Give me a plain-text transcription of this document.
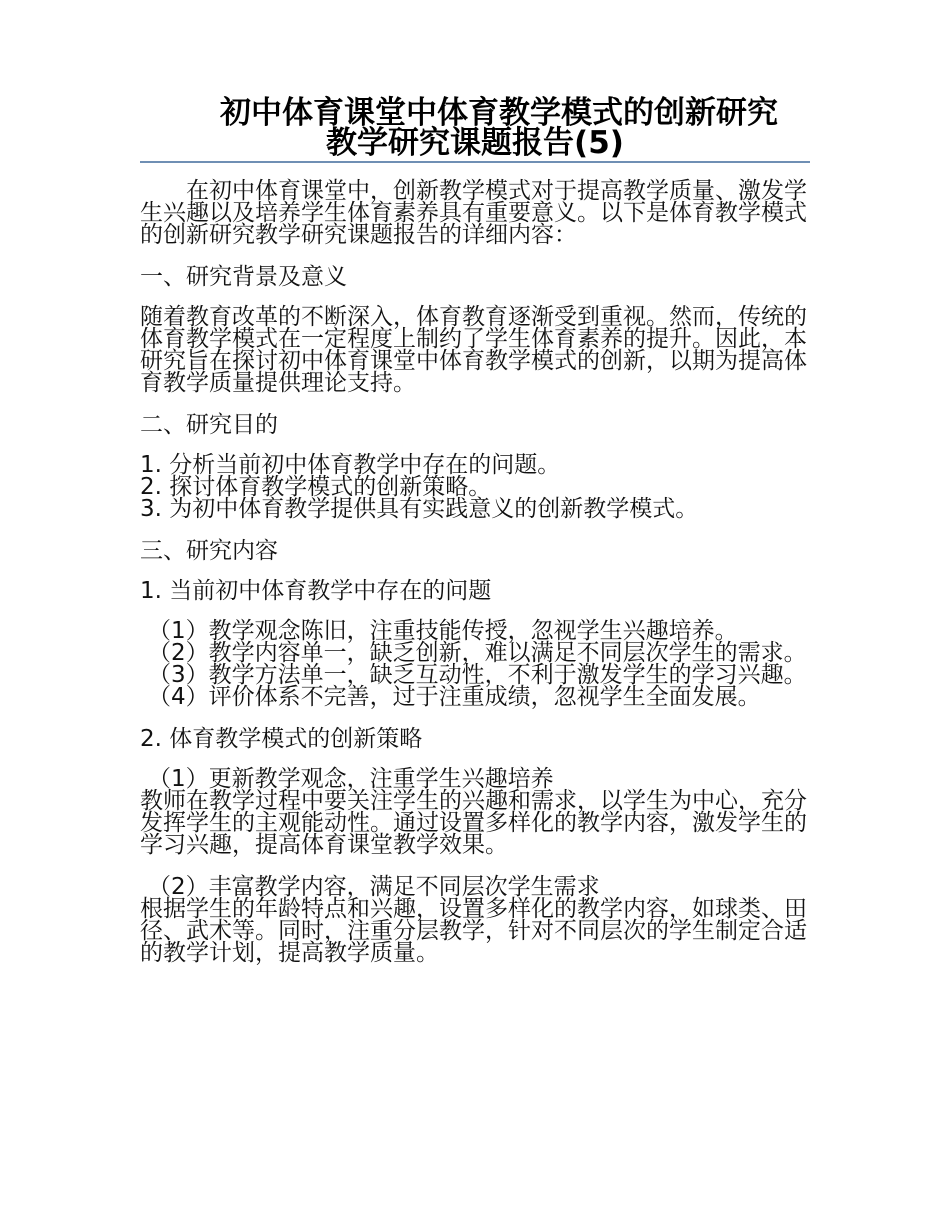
初中体育课堂中体育教学模式的创新研究
教学研究课题报告(5)

在初中体育课堂中，创新教学模式对于提高教学质量、激发学生兴趣以及培养学生体育素养具有重要意义。以下是体育教学模式的创新研究教学研究课题报告的详细内容：

一、研究背景及意义

随着教育改革的不断深入，体育教育逐渐受到重视。然而，传统的体育教学模式在一定程度上制约了学生体育素养的提升。因此，本研究旨在探讨初中体育课堂中体育教学模式的创新，以期为提高体育教学质量提供理论支持。

二、研究目的

1. 分析当前初中体育教学中存在的问题。

2. 探讨体育教学模式的创新策略。

3. 为初中体育教学提供具有实践意义的创新教学模式。

三、研究内容

1. 当前初中体育教学中存在的问题

（1）教学观念陈旧，注重技能传授，忽视学生兴趣培养。

（2）教学内容单一，缺乏创新，难以满足不同层次学生的需求。

（3）教学方法单一，缺乏互动性，不利于激发学生的学习兴趣。

（4）评价体系不完善，过于注重成绩，忽视学生全面发展。

2. 体育教学模式的创新策略

（1）更新教学观念，注重学生兴趣培养

教师在教学过程中要关注学生的兴趣和需求，以学生为中心，充分发挥学生的主观能动性。通过设置多样化的教学内容，激发学生的学习兴趣，提高体育课堂教学效果。

（2）丰富教学内容，满足不同层次学生需求

根据学生的年龄特点和兴趣，设置多样化的教学内容，如球类、田径、武术等。同时，注重分层教学，针对不同层次的学生制定合适的教学计划，提高教学质量。
